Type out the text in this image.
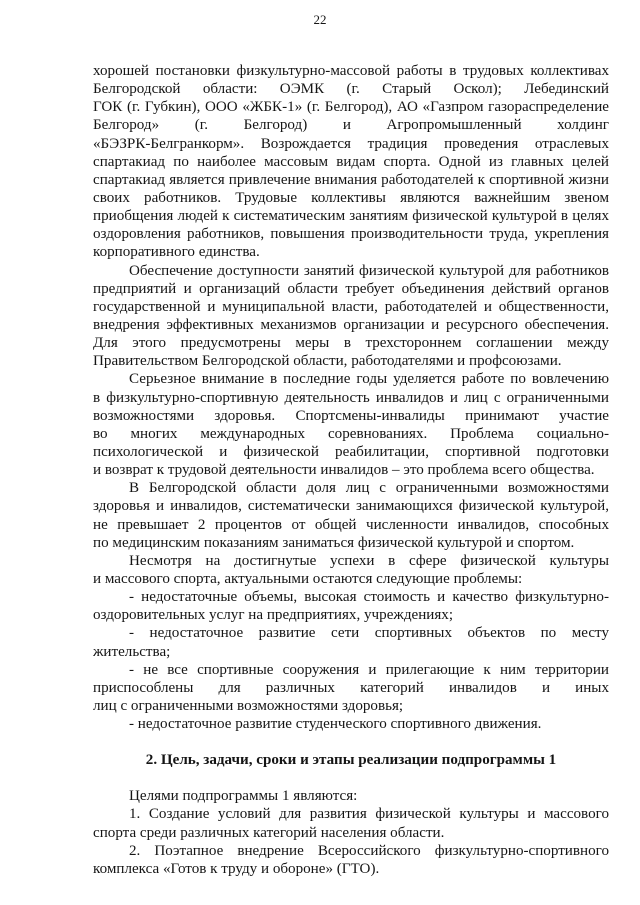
22
хорошей постановки физкультурно-массовой работы в трудовых коллективах
Белгородской области: ОЭМК (г. Старый Оскол); Лебединский
ГОК (г. Губкин), ООО «ЖБК-1» (г. Белгород), АО «Газпром газораспределение
Белгород» (г. Белгород) и Агропромышленный холдинг
«БЭЗРК-Белгранкорм». Возрождается традиция проведения отраслевых
спартакиад по наиболее массовым видам спорта. Одной из главных целей
спартакиад является привлечение внимания работодателей к спортивной жизни
своих работников. Трудовые коллективы являются важнейшим звеном
приобщения людей к систематическим занятиям физической культурой в целях
оздоровления работников, повышения производительности труда, укрепления
корпоративного единства.
Обеспечение доступности занятий физической культурой для работников
предприятий и организаций области требует объединения действий органов
государственной и муниципальной власти, работодателей и общественности,
внедрения эффективных механизмов организации и ресурсного обеспечения.
Для этого предусмотрены меры в трехстороннем соглашении между
Правительством Белгородской области, работодателями и профсоюзами.
Серьезное внимание в последние годы уделяется работе по вовлечению
в физкультурно-спортивную деятельность инвалидов и лиц с ограниченными
возможностями здоровья. Спортсмены-инвалиды принимают участие
во многих международных соревнованиях. Проблема социально-
психологической и физической реабилитации, спортивной подготовки
и возврат к трудовой деятельности инвалидов – это проблема всего общества.
В Белгородской области доля лиц с ограниченными возможностями
здоровья и инвалидов, систематически занимающихся физической культурой,
не превышает 2 процентов от общей численности инвалидов, способных
по медицинским показаниям заниматься физической культурой и спортом.
Несмотря на достигнутые успехи в сфере физической культуры
и массового спорта, актуальными остаются следующие проблемы:
- недостаточные объемы, высокая стоимость и качество физкультурно-
оздоровительных услуг на предприятиях, учреждениях;
- недостаточное развитие сети спортивных объектов по месту
жительства;
- не все спортивные сооружения и прилегающие к ним территории
приспособлены для различных категорий инвалидов и иных
лиц с ограниченными возможностями здоровья;
- недостаточное развитие студенческого спортивного движения.
2. Цель, задачи, сроки и этапы реализации подпрограммы 1
Целями подпрограммы 1 являются:
1. Создание условий для развития физической культуры и массового
спорта среди различных категорий населения области.
2. Поэтапное внедрение Всероссийского физкультурно-спортивного
комплекса «Готов к труду и обороне» (ГТО).
